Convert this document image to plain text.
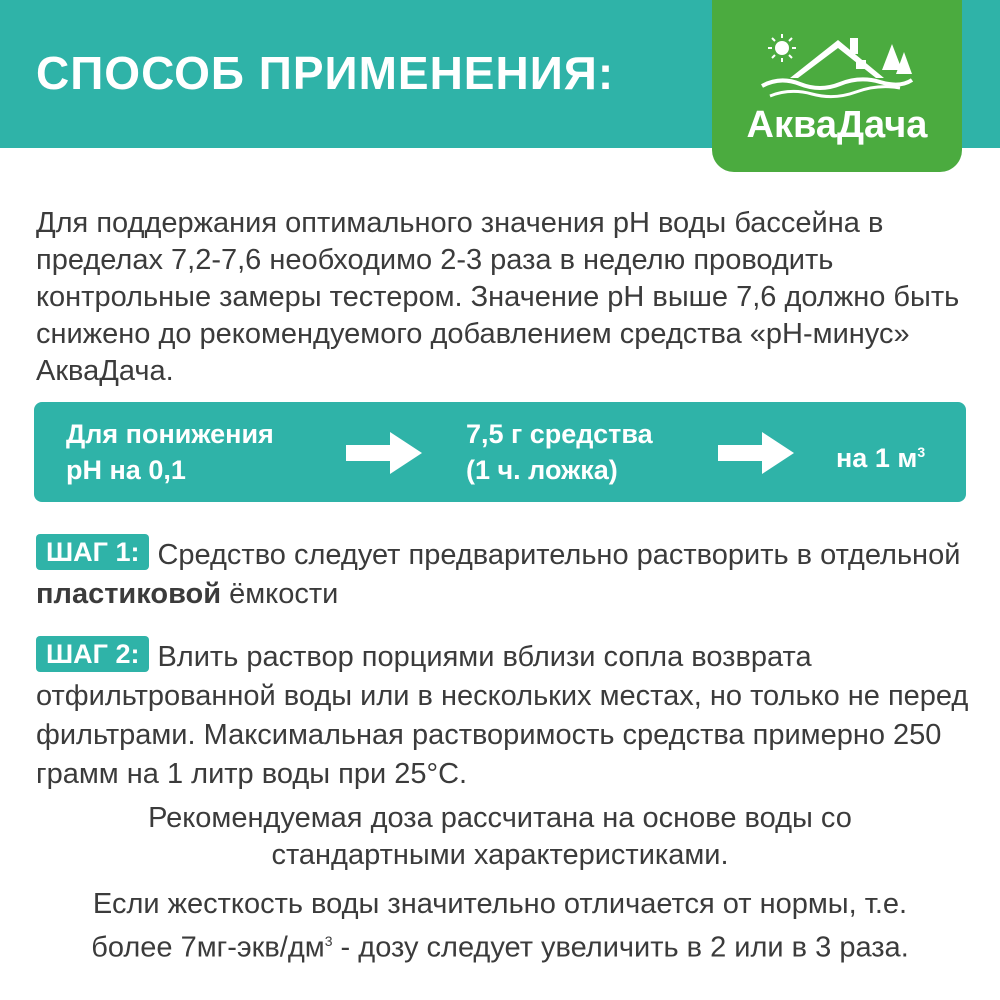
СПОСОБ ПРИМЕНЕНИЯ:
АкваДача

Для поддержания оптимального значения pH воды бассейна в пределах 7,2-7,6 необходимо 2-3 раза в неделю проводить контрольные замеры тестером. Значение pH выше 7,6 должно быть снижено до рекомендуемого добавлением средства «pH-минус» АкваДача.

Для понижения
pH на 0,1
7,5 г средства
(1 ч. ложка)	на 1 $м^3$

ШАГ 1: Средство следует предварительно растворить в отдельной пластиковой ёмкости

ШАГ 2: Влить раствор порциями вблизи сопла возврата отфильтрованной воды или в нескольких местах, но только не перед фильтрами. Максимальная растворимость средства примерно 250 грамм на 1 литр воды при 25°С.

Рекомендуемая доза рассчитана на основе воды со
стандартными характеристиками.

Если жесткость воды значительно отличается от нормы, т.е.
более $7мг-экв/дм^3$ - дозу следует увеличить в 2 или в 3 раза.
